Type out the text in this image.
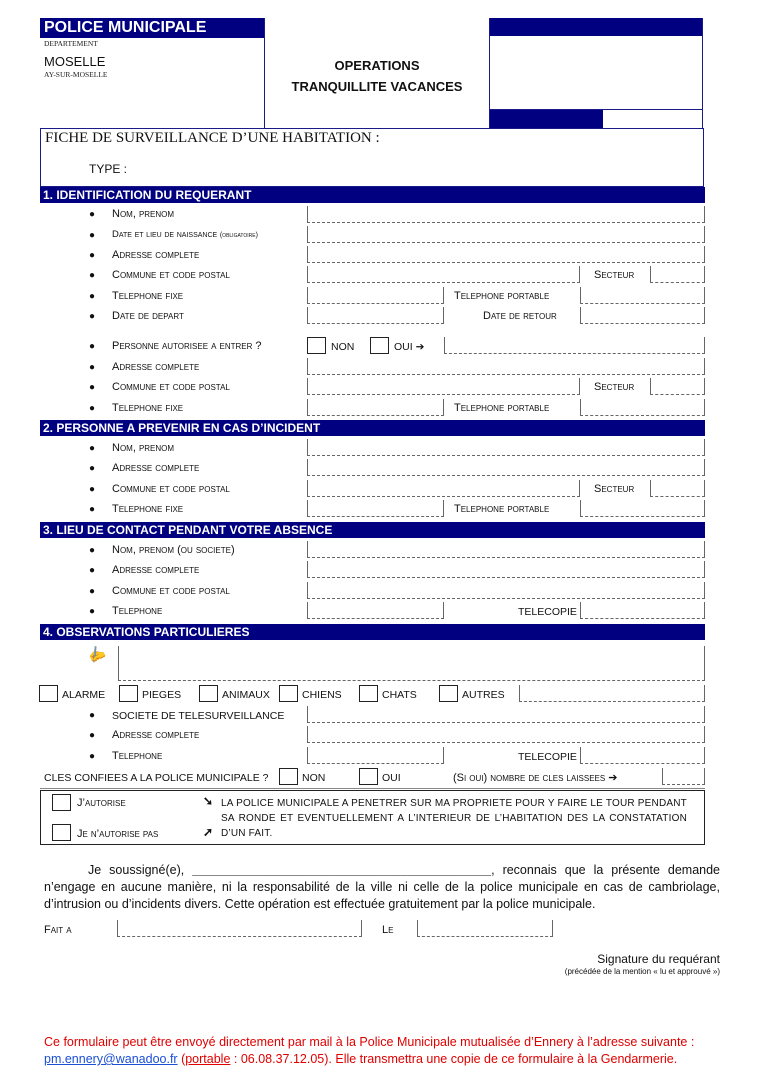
POLICE MUNICIPALE
DEPARTEMENT
MOSELLE
AY-SUR-MOSELLE
OPERATIONS
TRANQUILLITE VACANCES
FICHE DE SURVEILLANCE D’UNE HABITATION :
TYPE :
1. IDENTIFICATION DU REQUERANT
● Nom, prenom
● Date et lieu de naissance (obligatoire)
● Adresse complete
● Commune et code postal	Secteur
● Telephone fixe	Telephone portable
● Date de depart	Date de retour
● Personne autorisee a entrer ?	NON	OUI ➔
● Adresse complete
● Commune et code postal	Secteur
● Telephone fixe	Telephone portable
2. PERSONNE A PREVENIR EN CAS D’INCIDENT
● Nom, prenom
● Adresse complete
● Commune et code postal	Secteur
● Telephone fixe	Telephone portable
3. LIEU DE CONTACT PENDANT VOTRE ABSENCE
● Nom, prenom (ou societe)
● Adresse complete
● Commune et code postal
● Telephone	TELECOPIE
4. OBSERVATIONS PARTICULIERES
✍
ALARME	PIEGES	ANIMAUX	CHIENS	CHATS	AUTRES
● SOCIETE DE TELESURVEILLANCE
● Adresse complete
● Telephone	TELECOPIE
CLES CONFIEES A LA POLICE MUNICIPALE ?	NON	OUI	(Si oui) nombre de cles laissees ➔
J’autorise
Je n’autorise pas
➘
➚
LA POLICE MUNICIPALE A PENETRER SUR MA PROPRIETE POUR Y FAIRE LE TOUR PENDANT SA RONDE ET EVENTUELLEMENT A L’INTERIEUR DE L’HABITATION DES LA CONSTATATION D’UN FAIT.
Je soussigné(e), ___________________________________________, reconnais que la présente demande n’engage en aucune manière, ni la responsabilité de la ville ni celle de la police municipale en cas de cambriolage, d’intrusion ou d’incidents divers. Cette opération est effectuée gratuitement par la police municipale.
Fait a	Le
Signature du requérant
(précédée de la mention « lu et approuvé »)
Ce formulaire peut être envoyé directement par mail à la Police Municipale mutualisée d’Ennery à l’adresse suivante :
pm.ennery@wanadoo.fr (portable : 06.08.37.12.05). Elle transmettra une copie de ce formulaire à la Gendarmerie.
